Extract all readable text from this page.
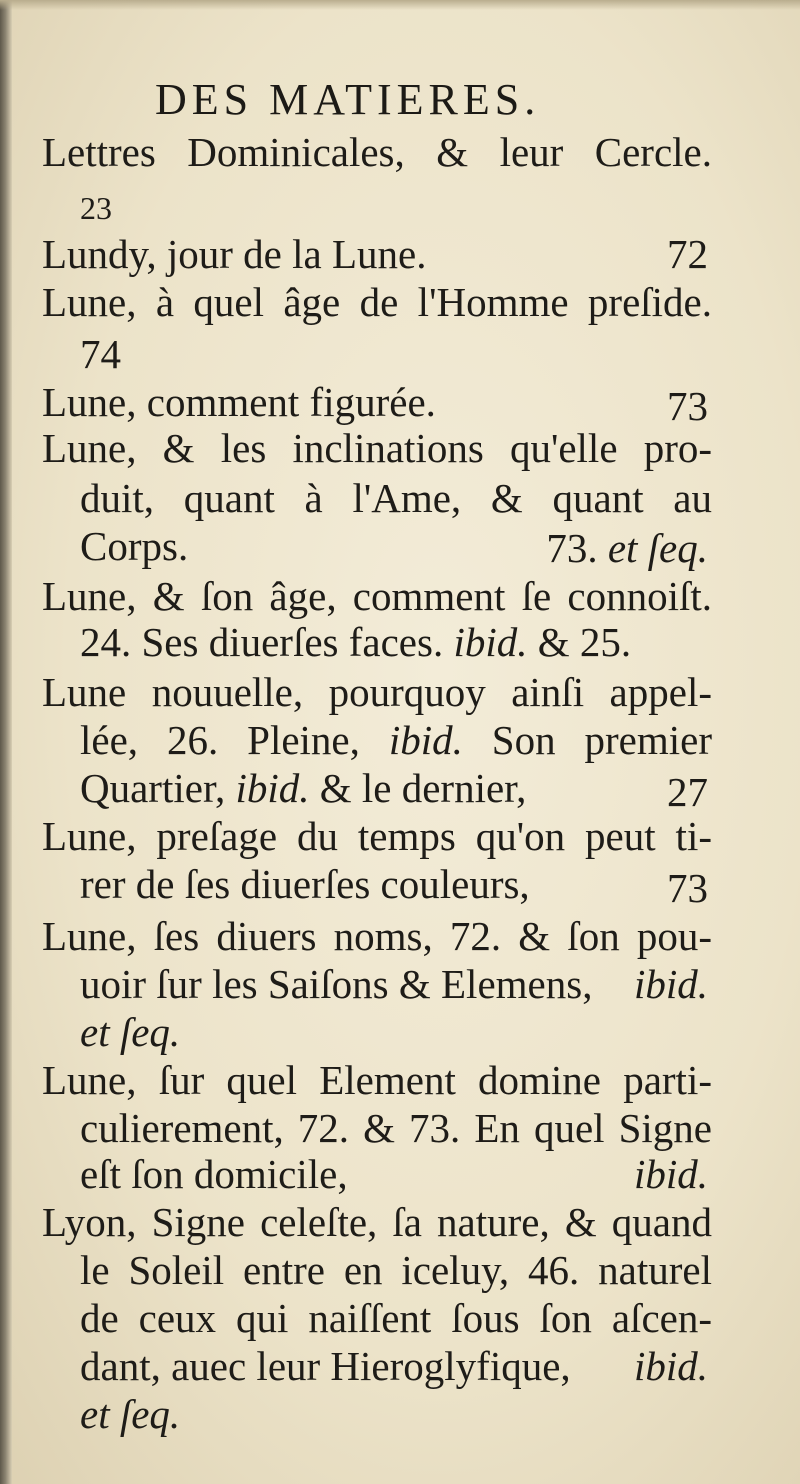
DES MATIERES.
Lettres Dominicales, & leur Cercle.
23
Lundy, jour de la Lune.	72
Lune, à quel âge de l'Homme preſide.
74
Lune, comment figurée.	73
Lune, & les inclinations qu'elle pro-
duit, quant à l'Ame, & quant au
Corps.	73. et ſeq.
Lune, & ſon âge, comment ſe connoiſt.
24. Ses diuerſes faces. ibid. & 25.
Lune nouuelle, pourquoy ainſi appel-
lée, 26. Pleine, ibid. Son premier
Quartier, ibid. & le dernier,	27
Lune, preſage du temps qu'on peut ti-
rer de ſes diuerſes couleurs,	73
Lune, ſes diuers noms, 72. & ſon pou-
uoir ſur les Saiſons & Elemens,	ibid.
et ſeq.
Lune, ſur quel Element domine parti-
culierement, 72. & 73. En quel Signe
eſt ſon domicile,	ibid.
Lyon, Signe celeſte, ſa nature, & quand
le Soleil entre en iceluy, 46. naturel
de ceux qui naiſſent ſous ſon aſcen-
dant, auec leur Hieroglyfique,	ibid.
et ſeq.
